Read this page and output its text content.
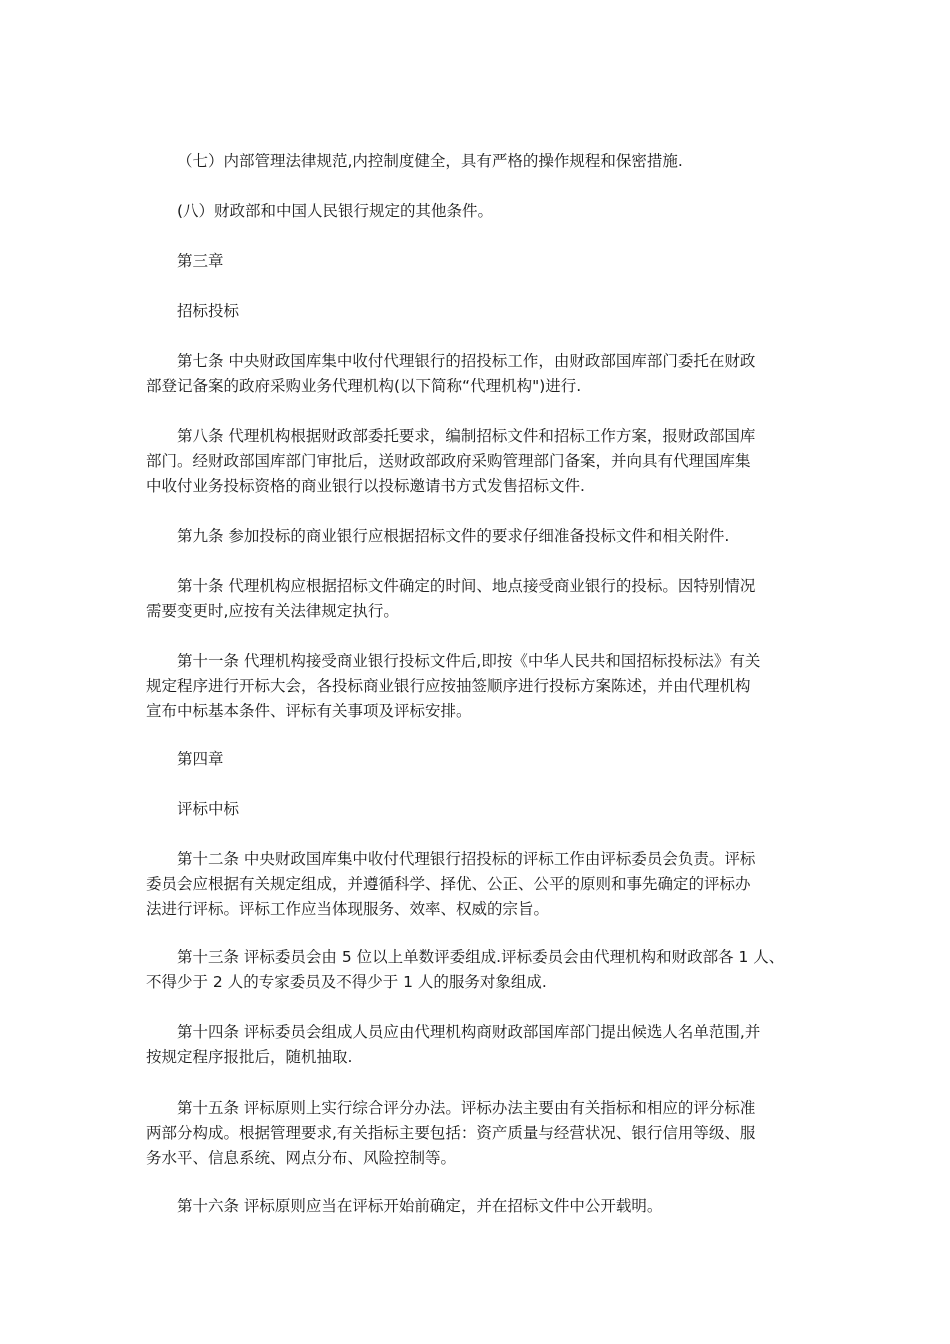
（七）内部管理法律规范,内控制度健全，具有严格的操作规程和保密措施.

(八）财政部和中国人民银行规定的其他条件。

第三章

招标投标

第七条 中央财政国库集中收付代理银行的招投标工作，由财政部国库部门委托在财政
部登记备案的政府采购业务代理机构(以下简称“代理机构")进行.

第八条 代理机构根据财政部委托要求，编制招标文件和招标工作方案，报财政部国库
部门。经财政部国库部门审批后，送财政部政府采购管理部门备案，并向具有代理国库集
中收付业务投标资格的商业银行以投标邀请书方式发售招标文件.

第九条 参加投标的商业银行应根据招标文件的要求仔细准备投标文件和相关附件.

第十条 代理机构应根据招标文件确定的时间、地点接受商业银行的投标。因特别情况
需要变更时,应按有关法律规定执行。

第十一条 代理机构接受商业银行投标文件后,即按《中华人民共和国招标投标法》有关
规定程序进行开标大会，各投标商业银行应按抽签顺序进行投标方案陈述，并由代理机构
宣布中标基本条件、评标有关事项及评标安排。

第四章

评标中标

第十二条 中央财政国库集中收付代理银行招投标的评标工作由评标委员会负责。评标
委员会应根据有关规定组成，并遵循科学、择优、公正、公平的原则和事先确定的评标办
法进行评标。评标工作应当体现服务、效率、权威的宗旨。

第十三条 评标委员会由 5 位以上单数评委组成.评标委员会由代理机构和财政部各 1 人、
不得少于 2 人的专家委员及不得少于 1 人的服务对象组成.

第十四条 评标委员会组成人员应由代理机构商财政部国库部门提出候选人名单范围,并
按规定程序报批后，随机抽取.

第十五条 评标原则上实行综合评分办法。评标办法主要由有关指标和相应的评分标准
两部分构成。根据管理要求,有关指标主要包括：资产质量与经营状况、银行信用等级、服
务水平、信息系统、网点分布、风险控制等。

第十六条 评标原则应当在评标开始前确定，并在招标文件中公开载明。
